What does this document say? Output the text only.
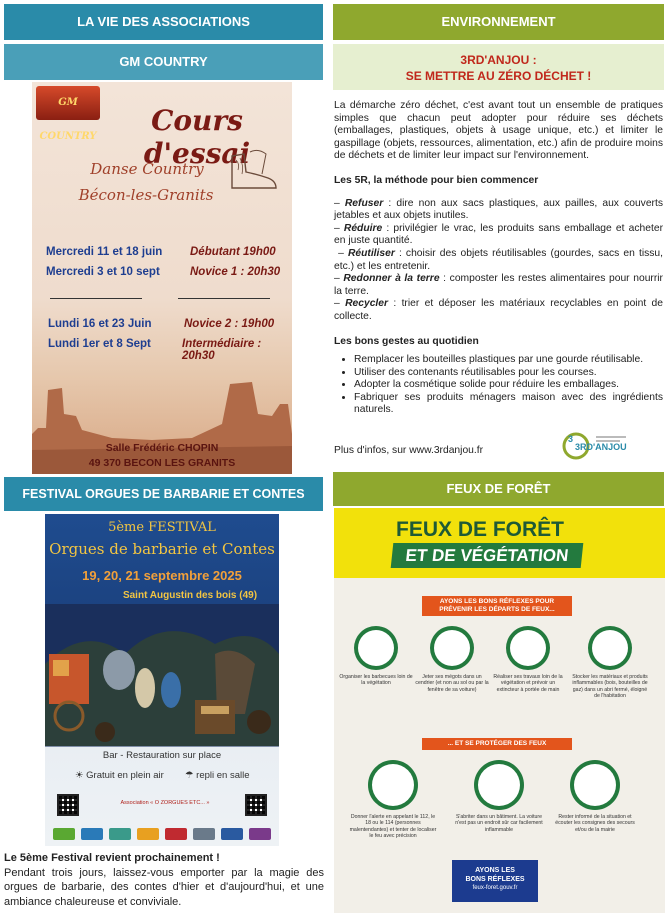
LA VIE DES ASSOCIATIONS
GM COUNTRY
GM COUNTRY	Cours d'essai
Danse Country
Bécon-les-Granits
Mercredi 11 et 18 juin Débutant 19h00
Mercredi 3 et 10 sept	Novice 1 : 20h30
Lundi 16 et 23 Juin	Novice 2 : 19h00
Lundi 1er et 8 Sept	Intermédiaire : 20h30
Salle Frédéric CHOPIN
49 370 BECON LES GRANITS
FESTIVAL ORGUES DE BARBARIE ET CONTES
5ème FESTIVAL
Orgues de barbarie et Contes
19, 20, 21 septembre 2025
Saint Augustin des bois (49)
Bar - Restauration sur place
☀ Gratuit en plein air ☂ repli en salle
Association « O ZORGUES ETC... »
Le 5ème Festival revient prochainement !
Pendant trois jours, laissez-vous emporter par la magie des orgues de barbarie, des contes d'hier et d'aujourd'hui, et une ambiance chaleureuse et conviviale.
ENVIRONNEMENT
3RD'ANJOU :
SE METTRE AU ZÉRO DÉCHET !

La démarche zéro déchet, c'est avant tout un ensemble de pratiques simples que chacun peut adopter pour réduire ses déchets (emballages, plastiques, objets à usage unique, etc.) et limiter le gaspillage (objets, ressources, alimentation, etc.) afin de produire moins de déchets et de limiter leur impact sur l'environnement.

Les 5R, la méthode pour bien commencer

– Refuser : dire non aux sacs plastiques, aux pailles, aux couverts jetables et aux objets inutiles.

– Réduire : privilégier le vrac, les produits sans emballage et acheter en juste quantité.

– Réutiliser : choisir des objets réutilisables (gourdes, sacs en tissu, etc.) et les entretenir.

– Redonner à la terre : composter les restes alimentaires pour nourrir la terre.

– Recycler : trier et déposer les matériaux recyclables en point de collecte.

Les bons gestes au quotidien
• Remplacer les bouteilles plastiques par une gourde réutilisable.
• Utiliser des contenants réutilisables pour les courses.
• Adopter la cosmétique solide pour réduire les emballages.
• Fabriquer ses produits ménagers maison avec des ingrédients naturels.
Plus d'infos, sur www.3rdanjou.fr
3
3RD'ANJOU
FEUX DE FORÊT
FEUX DE FORÊT
ET DE VÉGÉTATION
AYONS LES BONS RÉFLEXES POUR
PRÉVENIR LES DÉPARTS DE FEUX...
Organiser les barbecues loin de la végétation
Jeter ses mégots dans un cendrier (et non au sol ou par la fenêtre de sa voiture)
Réaliser ses travaux loin de la végétation et prévoir un extincteur à portée de main
Stocker les matériaux et produits inflammables (bois, bouteilles de gaz) dans un abri fermé, éloigné de l'habitation
... ET SE PROTÉGER DES FEUX
Donner l'alerte en appelant le 112, le 18 ou le 114 (personnes malentendantes) et tenter de localiser le feu avec précision
S'abriter dans un bâtiment. La voiture n'est pas un endroit sûr car facilement inflammable
Rester informé de la situation et écouter les consignes des secours et/ou de la mairie
AYONS LES
BONS RÉFLEXES
feux-foret.gouv.fr
